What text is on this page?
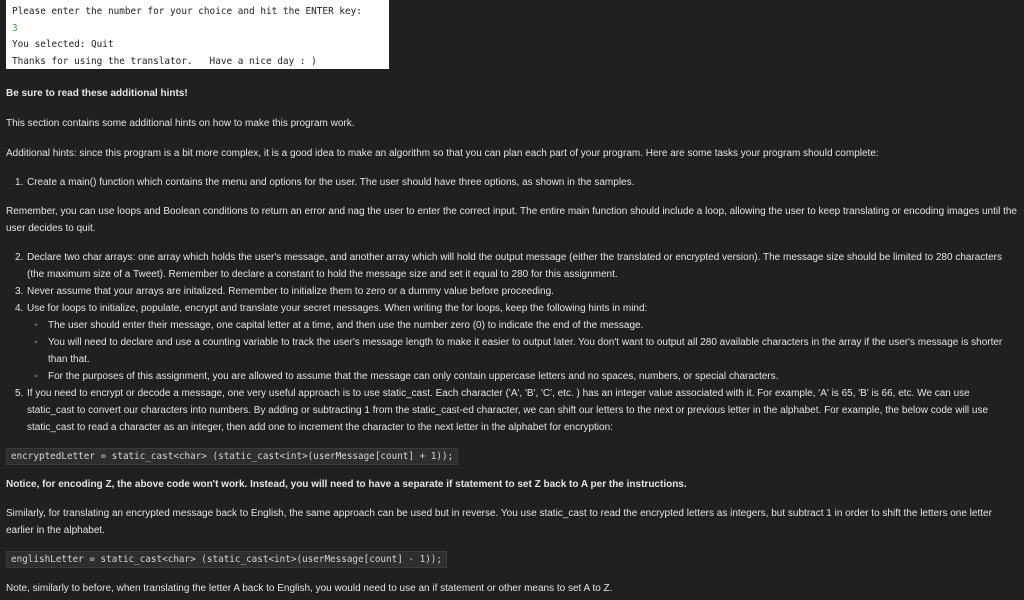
Please enter the number for your choice and hit the ENTER key:
3
You selected: Quit
Thanks for using the translator.   Have a nice day : )
Be sure to read these additional hints!

This section contains some additional hints on how to make this program work.

Additional hints: since this program is a bit more complex, it is a good idea to make an algorithm so that you can plan each part of your program. Here are some tasks your program should complete:

1. Create a main() function which contains the menu and options for the user. The user should have three options, as shown in the samples.

Remember, you can use loops and Boolean conditions to return an error and nag the user to enter the correct input. The entire main function should include a loop, allowing the user to keep translating or encoding images until the user decides to quit.

2. Declare two char arrays: one array which holds the user's message, and another array which will hold the output message (either the translated or encrypted version). The message size should be limited to 280 characters (the maximum size of a Tweet). Remember to declare a constant to hold the message size and set it equal to 280 for this assignment.
3. Never assume that your arrays are initalized. Remember to initialize them to zero or a dummy value before proceeding.
4. Use for loops to initialize, populate, encrypt and translate your secret messages. When writing the for loops, keep the following hints in mind:
◦ The user should enter their message, one capital letter at a time, and then use the number zero (0) to indicate the end of the message.
◦ You will need to declare and use a counting variable to track the user's message length to make it easier to output later. You don't want to output all 280 available characters in the array if the user's message is shorter than that.
◦ For the purposes of this assignment, you are allowed to assume that the message can only contain uppercase letters and no spaces, numbers, or special characters.
5. If you need to encrypt or decode a message, one very useful approach is to use static_cast. Each character ('A', 'B', 'C', etc. ) has an integer value associated with it. For example, 'A' is 65, 'B' is 66, etc. We can use static_cast to convert our characters into numbers. By adding or subtracting 1 from the static_cast-ed character, we can shift our letters to the next or previous letter in the alphabet. For example, the below code will use static_cast to read a character as an integer, then add one to increment the character to the next letter in the alphabet for encryption:
encryptedLetter = static_cast<char> (static_cast<int>(userMessage[count] + 1));

Notice, for encoding Z, the above code won't work. Instead, you will need to have a separate if statement to set Z back to A per the instructions.

Similarly, for translating an encrypted message back to English, the same approach can be used but in reverse. You use static_cast to read the encrypted letters as integers, but subtract 1 in order to shift the letters one letter earlier in the alphabet.

englishLetter = static_cast<char> (static_cast<int>(userMessage[count] - 1));

Note, similarly to before, when translating the letter A back to English, you would need to use an if statement or other means to set A to Z.
